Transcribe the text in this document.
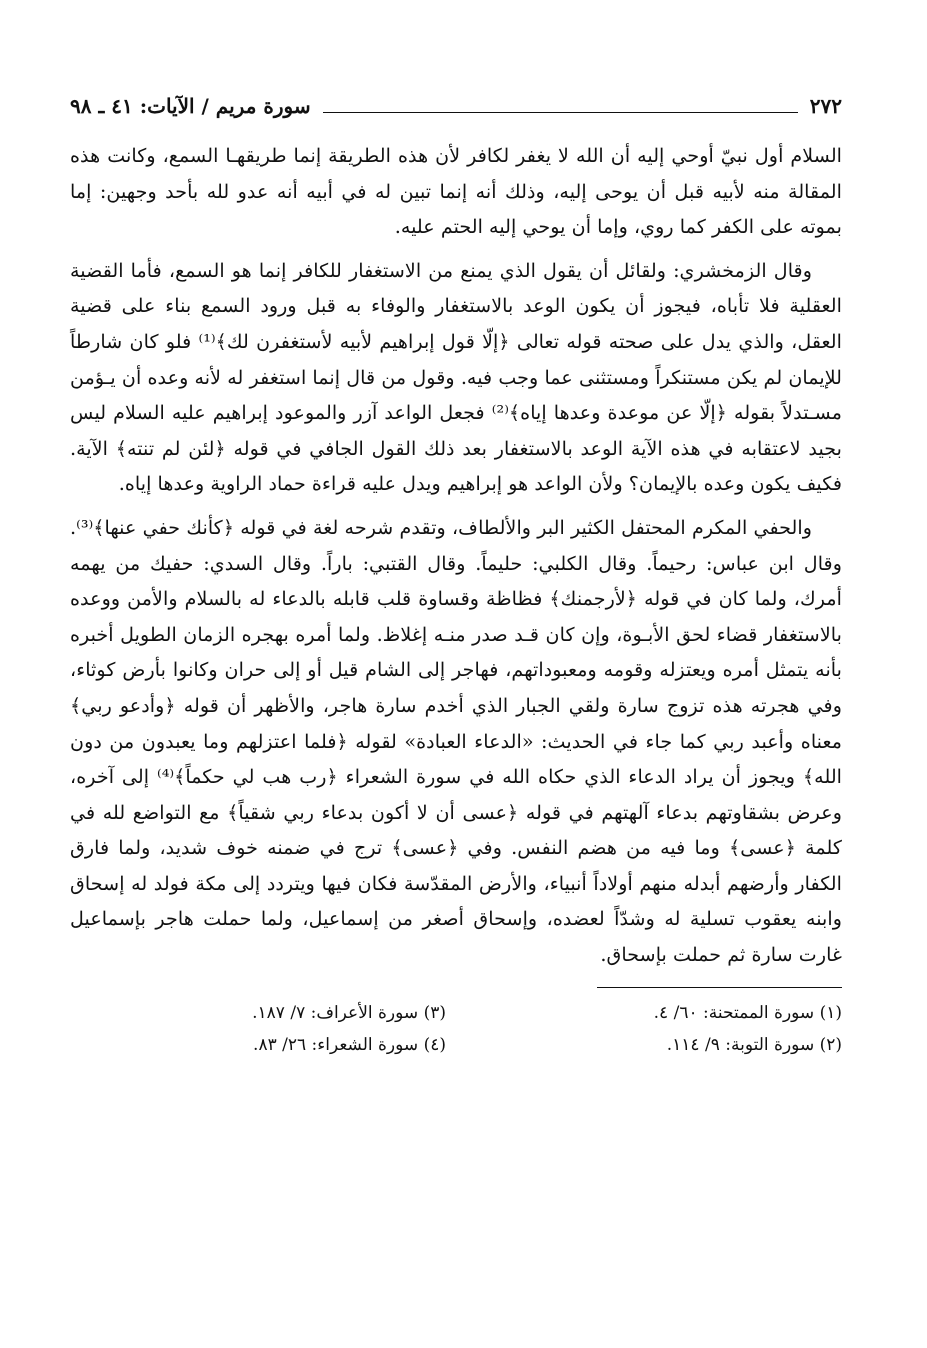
٢٧٢
سورة مريم / الآيات: ٤١ ـ ٩٨

السلام أول نبيّ أوحي إليه أن الله لا يغفر لكافر لأن هذه الطريقة إنما طريقهـا السمع، وكانت هذه المقالة منه لأبيه قبل أن يوحى إليه، وذلك أنه إنما تبين له في أبيه أنه عدو لله بأحد وجهين: إما بموته على الكفر كما روي، وإما أن يوحي إليه الحتم عليه.

وقال الزمخشري: ولقائل أن يقول الذي يمنع من الاستغفار للكافر إنما هو السمع، فأما القضية العقلية فلا تأباه، فيجوز أن يكون الوعد بالاستغفار والوفاء به قبل ورود السمع بناء على قضية العقل، والذي يدل على صحته قوله تعالى ﴿إلّا قول إبراهيم لأبيه لأستغفرن لك﴾⁽¹⁾ فلو كان شارطاً للإيمان لم يكن مستنكراً ومستثنى عما وجب فيه. وقول من قال إنما استغفر له لأنه وعده أن يـؤمن مسـتدلاً بقوله ﴿إلّا عن موعدة وعدها إياه﴾⁽²⁾ فجعل الواعد آزر والموعود إبراهيم عليه السلام ليس بجيد لاعتقابه في هذه الآية الوعد بالاستغفار بعد ذلك القول الجافي في قوله ﴿لئن لم تنته﴾ الآية. فكيف يكون وعده بالإيمان؟ ولأن الواعد هو إبراهيم ويدل عليه قراءة حماد الراوية وعدها إياه.

والحفي المكرم المحتفل الكثير البر والألطاف، وتقدم شرحه لغة في قوله ﴿كأنك حفي عنها﴾⁽³⁾. وقال ابن عباس: رحيماً. وقال الكلبي: حليماً. وقال القتبي: باراً. وقال السدي: حفيك من يهمه أمرك، ولما كان في قوله ﴿لأرجمنك﴾ فظاظة وقساوة قلب قابله بالدعاء له بالسلام والأمن ووعده بالاستغفار قضاء لحق الأبـوة، وإن كان قـد صدر منـه إغلاظ. ولما أمره بهجره الزمان الطويل أخبره بأنه يتمثل أمره ويعتزله وقومه ومعبوداتهم، فهاجر إلى الشام قيل أو إلى حران وكانوا بأرض كوثاء، وفي هجرته هذه تزوج سارة ولقي الجبار الذي أخدم سارة هاجر، والأظهر أن قوله ﴿وأدعو ربي﴾ معناه وأعبد ربي كما جاء في الحديث: «الدعاء العبادة» لقوله ﴿فلما اعتزلهم وما يعبدون من دون الله﴾ ويجوز أن يراد الدعاء الذي حكاه الله في سورة الشعراء ﴿رب هب لي حكماً﴾⁽⁴⁾ إلى آخره، وعرض بشقاوتهم بدعاء آلهتهم في قوله ﴿عسى أن لا أكون بدعاء ربي شقياً﴾ مع التواضع لله في كلمة ﴿عسى﴾ وما فيه من هضم النفس. وفي ﴿عسى﴾ ترج في ضمنه خوف شديد، ولما فارق الكفار وأرضهم أبدله منهم أولاداً أنبياء، والأرض المقدّسة فكان فيها ويتردد إلى مكة فولد له إسحاق وابنه يعقوب تسلية له وشدّاً لعضده، وإسحاق أصغر من إسماعيل، ولما حملت هاجر بإسماعيل غارت سارة ثم حملت بإسحاق.

(١) سورة الممتحنة: ٦٠/ ٤.
(٣) سورة الأعراف: ٧/ ١٨٧.
(٢) سورة التوبة: ٩/ ١١٤.
(٤) سورة الشعراء: ٢٦/ ٨٣.
